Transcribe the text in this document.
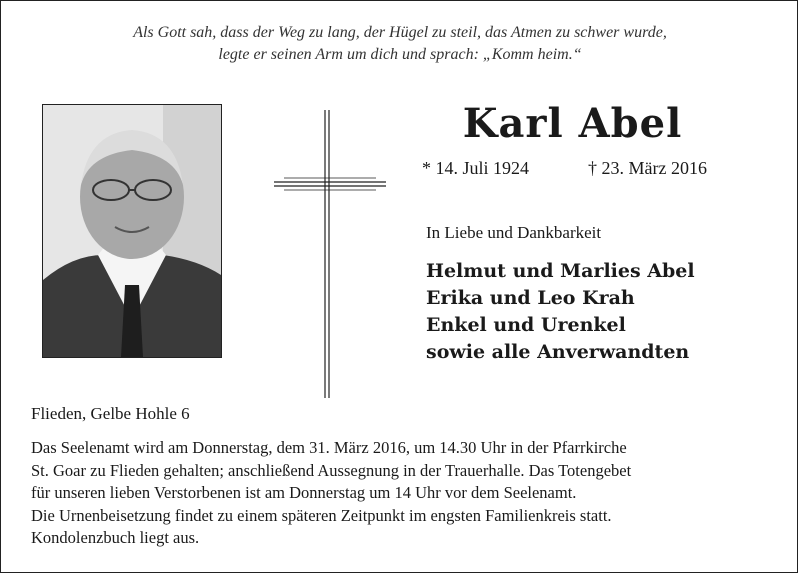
Als Gott sah, dass der Weg zu lang, der Hügel zu steil, das Atmen zu schwer wurde,
legte er seinen Arm um dich und sprach: „Komm heim.“
Karl Abel
* 14. Juli 1924	† 23. März 2016
In Liebe und Dankbarkeit
Helmut und Marlies Abel
Erika und Leo Krah
Enkel und Urenkel
sowie alle Anverwandten
Flieden, Gelbe Hohle 6
Das Seelenamt wird am Donnerstag, dem 31. März 2016, um 14.30 Uhr in der Pfarrkirche
St. Goar zu Flieden gehalten; anschließend Aussegnung in der Trauerhalle. Das Totengebet
für unseren lieben Verstorbenen ist am Donnerstag um 14 Uhr vor dem Seelenamt.
Die Urnenbeisetzung findet zu einem späteren Zeitpunkt im engsten Familienkreis statt.
Kondolenzbuch liegt aus.
